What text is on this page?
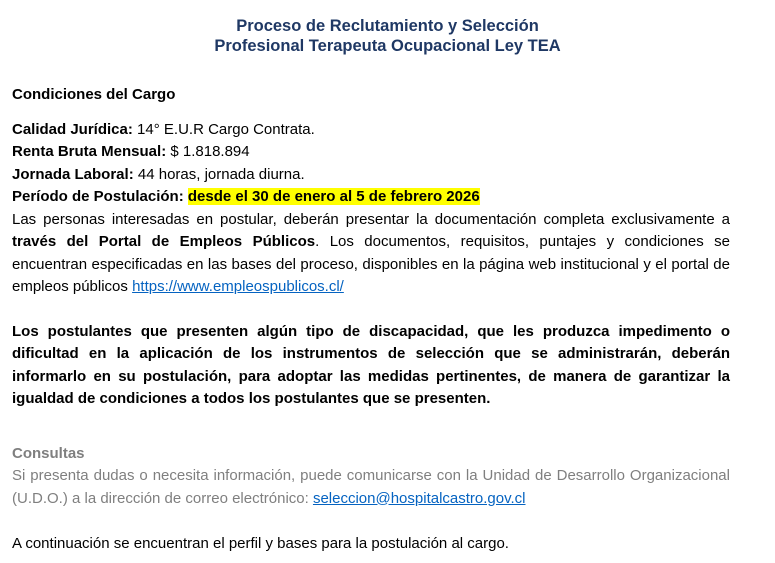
Proceso de Reclutamiento y Selección
Profesional Terapeuta Ocupacional Ley TEA

Condiciones del Cargo

Calidad Jurídica: 14° E.U.R Cargo Contrata.

Renta Bruta Mensual: $ 1.818.894

Jornada Laboral: 44 horas, jornada diurna.

Período de Postulación: desde el 30 de enero al 5 de febrero 2026

Las personas interesadas en postular, deberán presentar la documentación completa exclusivamente a través del Portal de Empleos Públicos. Los documentos, requisitos, puntajes y condiciones se encuentran especificadas en las bases del proceso, disponibles en la página web institucional y el portal de empleos públicos https://www.empleospublicos.cl/

Los postulantes que presenten algún tipo de discapacidad, que les produzca impedimento o dificultad en la aplicación de los instrumentos de selección que se administrarán, deberán informarlo en su postulación, para adoptar las medidas pertinentes, de manera de garantizar la igualdad de condiciones a todos los postulantes que se presenten.

Consultas

Si presenta dudas o necesita información, puede comunicarse con la Unidad de Desarrollo Organizacional (U.D.O.) a la dirección de correo electrónico: seleccion@hospitalcastro.gov.cl

A continuación se encuentran el perfil y bases para la postulación al cargo.
